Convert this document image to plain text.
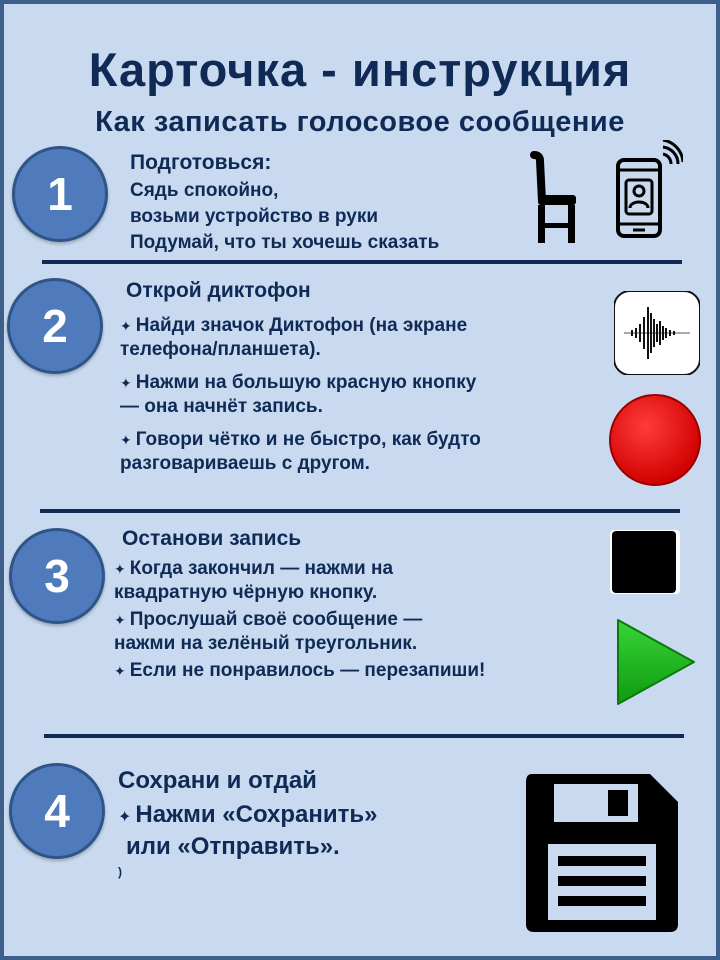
Карточка - инструкция
Как записать голосовое сообщение
1
Подготовься:
Сядь спокойно,
возьми устройство в руки
Подумай, что ты хочешь сказать
2
Открой диктофон
✦ Найди значок Диктофон (на экране
телефона/планшета).
✦ Нажми на большую красную кнопку
— она начнёт запись.
✦ Говори чётко и не быстро, как будто
разговариваешь с другом.
3
Останови запись
✦ Когда закончил — нажми на
квадратную чёрную кнопку.
✦ Прослушай своё сообщение —
нажми на зелёный треугольник.
✦ Если не понравилось — перезапиши!
4
Сохрани и отдай
✦ Нажми «Сохранить»
или «Отправить».
)
